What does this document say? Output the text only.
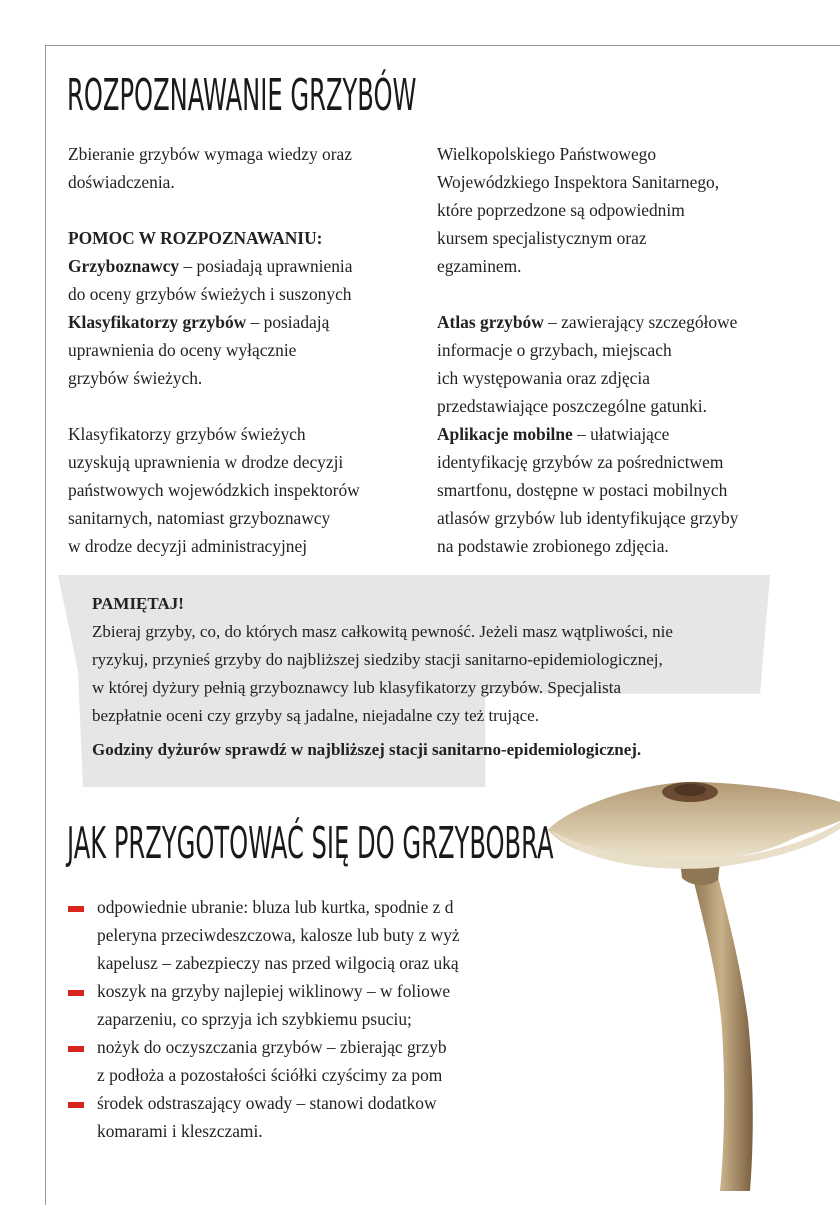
ROZPOZNAWANIE GRZYBÓW

Zbieranie grzybów wymaga wiedzy oraz

doświadczenia.

POMOC W ROZPOZNAWANIU:

Grzyboznawcy – posiadają uprawnienia

do oceny grzybów świeżych i suszonych

Klasyfikatorzy grzybów – posiadają

uprawnienia do oceny wyłącznie

grzybów świeżych.

Klasyfikatorzy grzybów świeżych

uzyskują uprawnienia w drodze decyzji

państwowych wojewódzkich inspektorów

sanitarnych, natomiast grzyboznawcy

w drodze decyzji administracyjnej

Wielkopolskiego Państwowego

Wojewódzkiego Inspektora Sanitarnego,

które poprzedzone są odpowiednim

kursem specjalistycznym oraz

egzaminem.

Atlas grzybów – zawierający szczegółowe

informacje o grzybach, miejscach

ich występowania oraz zdjęcia

przedstawiające poszczególne gatunki.

Aplikacje mobilne – ułatwiające

identyfikację grzybów za pośrednictwem

smartfonu, dostępne w postaci mobilnych

atlasów grzybów lub identyfikujące grzyby

na podstawie zrobionego zdjęcia.

PAMIĘTAJ!

Zbieraj grzyby, co, do których masz całkowitą pewność. Jeżeli masz wątpliwości, nie

ryzykuj, przynieś grzyby do najbliższej siedziby stacji sanitarno-epidemiologicznej,

w której dyżury pełnią grzyboznawcy lub klasyfikatorzy grzybów. Specjalista

bezpłatnie oceni czy grzyby są jadalne, niejadalne czy też trujące.

Godziny dyżurów sprawdź w najbliższej stacji sanitarno-epidemiologicznej.

JAK PRZYGOTOWAĆ SIĘ DO GRZYBOBRA
odpowiednie ubranie: bluza lub kurtka, spodnie z d
peleryna przeciwdeszczowa, kalosze lub buty z wyż
kapelusz – zabezpieczy nas przed wilgocią oraz uką
koszyk na grzyby najlepiej wiklinowy – w foliowe
zaparzeniu, co sprzyja ich szybkiemu psuciu;
nożyk do oczyszczania grzybów – zbierając grzyb
z podłoża a pozostałości ściółki czyścimy za pom
środek odstraszający owady – stanowi dodatkow
komarami i kleszczami.
